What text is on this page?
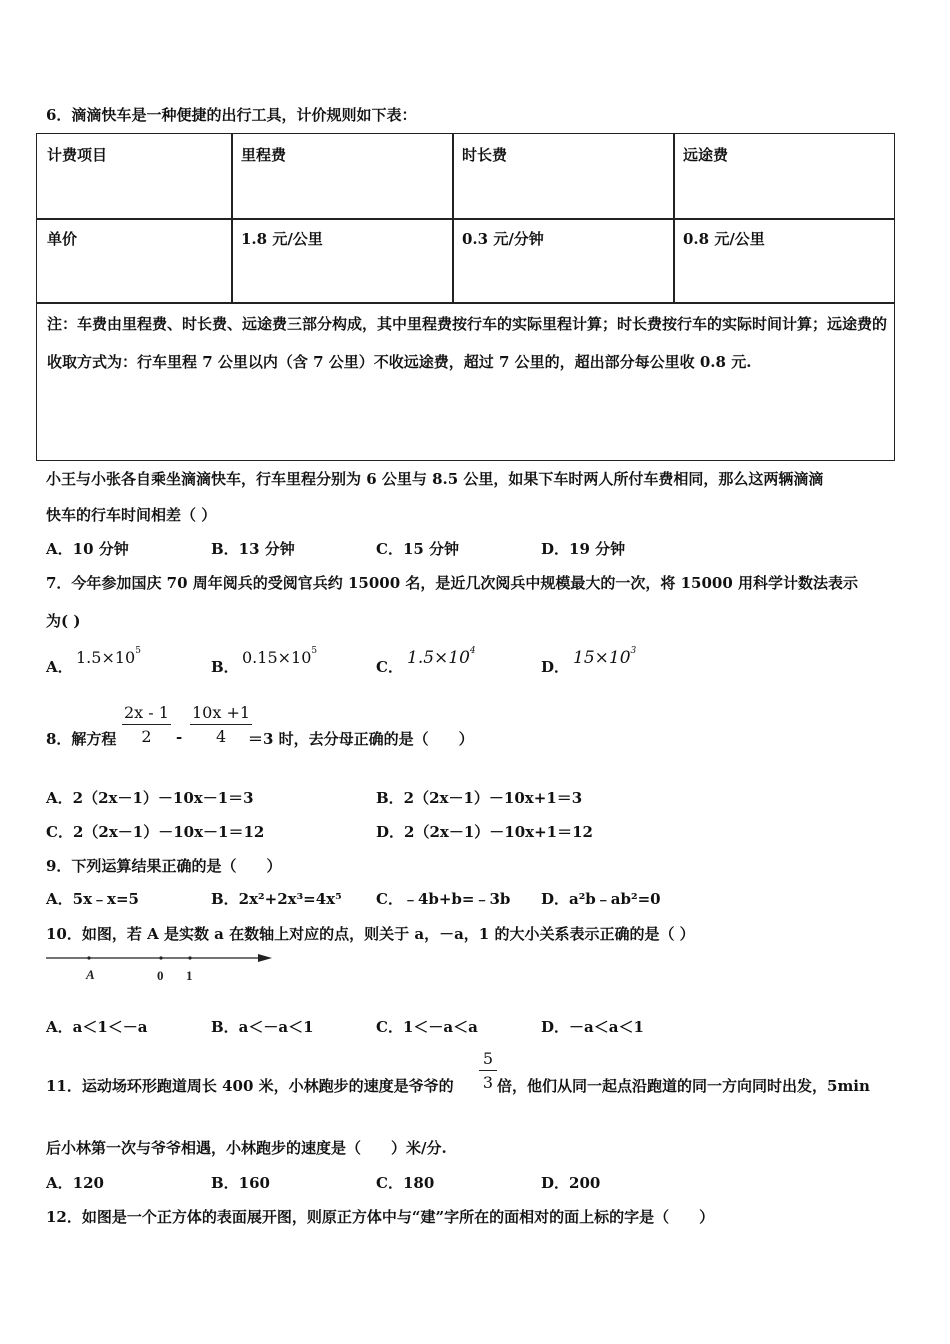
6．滴滴快车是一种便捷的出行工具，计价规则如下表：
计费项目	里程费	时长费	远途费
单价	1.8 元/公里	0.3 元/分钟	0.8 元/公里
注：车费由里程费、时长费、远途费三部分构成，其中里程费按行车的实际里程计算；时长费按行车的实际时间计算；远途费的收取方式为：行车里程 7 公里以内（含 7 公里）不收远途费，超过 7 公里的，超出部分每公里收 0.8 元.
小王与小张各自乘坐滴滴快车，行车里程分别为 6 公里与 8.5 公里，如果下车时两人所付车费相同，那么这两辆滴滴
快车的行车时间相差（ ）
A．10 分钟	B．13 分钟	C．15 分钟	D．19 分钟
7．今年参加国庆 70 周年阅兵的受阅官兵约 15000 名，是近几次阅兵中规模最大的一次，将 15000 用科学计数法表示
为( )
A． $1.5\times 10^5$
B． $0.15\times 10^5$
C． $1.5\times 10^4$
D． $15\times 10^3$
8．解方程
2x - 1
2	-
10x +1
4	＝3 时，去分母正确的是（　　）
A．2（2x－1）－10x－1＝3	B．2（2x－1）－10x+1＝3
C．2（2x－1）－10x－1＝12	D．2（2x－1）－10x+1＝12
9．下列运算结果正确的是（　　）
A．5x﹣x=5	B．2x²+2x³=4x⁵ C．﹣4b+b=﹣3b D．a²b﹣ab²=0
10．如图，若 A 是实数 a 在数轴上对应的点，则关于 a，－a，1 的大小关系表示正确的是（ ）
A	0 1
A．a＜1＜－a	B．a＜－a＜1	C．1＜－a＜a	D．－a＜a＜1
11．运动场环形跑道周长 400 米，小林跑步的速度是爷爷的
5
3 倍，他们从同一起点沿跑道的同一方向同时出发，5min
后小林第一次与爷爷相遇，小林跑步的速度是（　　）米/分.
A．120	B．160	C．180	D．200
12．如图是一个正方体的表面展开图，则原正方体中与“建”字所在的面相对的面上标的字是（　　）
